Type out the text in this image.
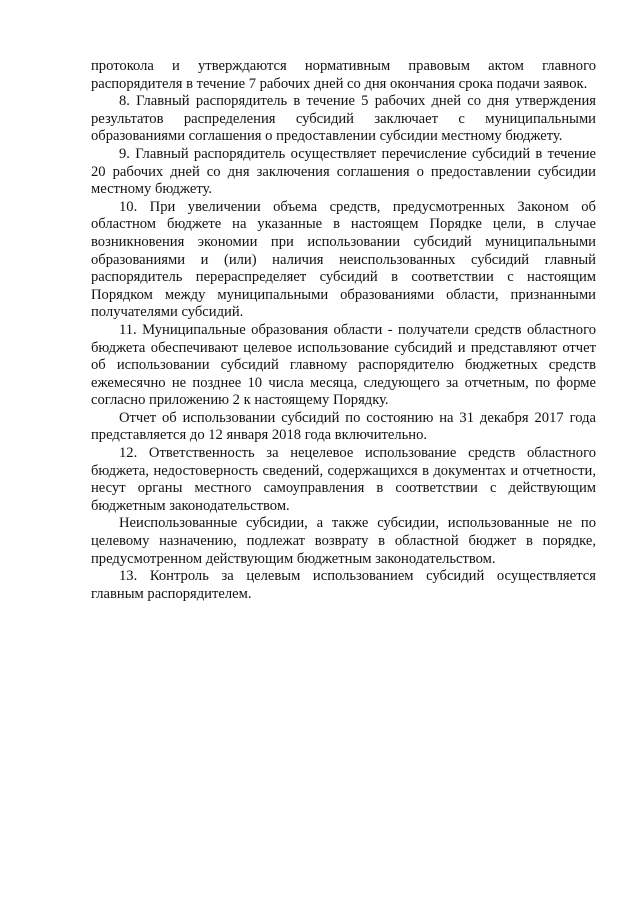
протокола и утверждаются нормативным правовым актом главного распорядителя в течение 7 рабочих дней со дня окончания срока подачи заявок.

8. Главный распорядитель в течение 5 рабочих дней со дня утверждения результатов распределения субсидий заключает с муниципальными образованиями соглашения о предоставлении субсидии местному бюджету.

9. Главный распорядитель осуществляет перечисление субсидий в течение 20 рабочих дней со дня заключения соглашения о предоставлении субсидии местному бюджету.

10. При увеличении объема средств, предусмотренных Законом об областном бюджете на указанные в настоящем Порядке цели, в случае возникновения экономии при использовании субсидий муниципальными образованиями и (или) наличия неиспользованных субсидий главный распорядитель перераспределяет субсидий в соответствии с настоящим Порядком между муниципальными образованиями области, признанными получателями субсидий.

11. Муниципальные образования области - получатели средств областного бюджета обеспечивают целевое использование субсидий и представляют отчет об использовании субсидий главному распорядителю бюджетных средств ежемесячно не позднее 10 числа месяца, следующего за отчетным, по форме согласно приложению 2 к настоящему Порядку.

Отчет об использовании субсидий по состоянию на 31 декабря 2017 года представляется до 12 января 2018 года включительно.

12. Ответственность за нецелевое использование средств областного бюджета, недостоверность сведений, содержащихся в документах и отчетности, несут органы местного самоуправления в соответствии с действующим бюджетным законодательством.

Неиспользованные субсидии, а также субсидии, использованные не по целевому назначению, подлежат возврату в областной бюджет в порядке, предусмотренном действующим бюджетным законодательством.

13. Контроль за целевым использованием субсидий осуществляется главным распорядителем.
